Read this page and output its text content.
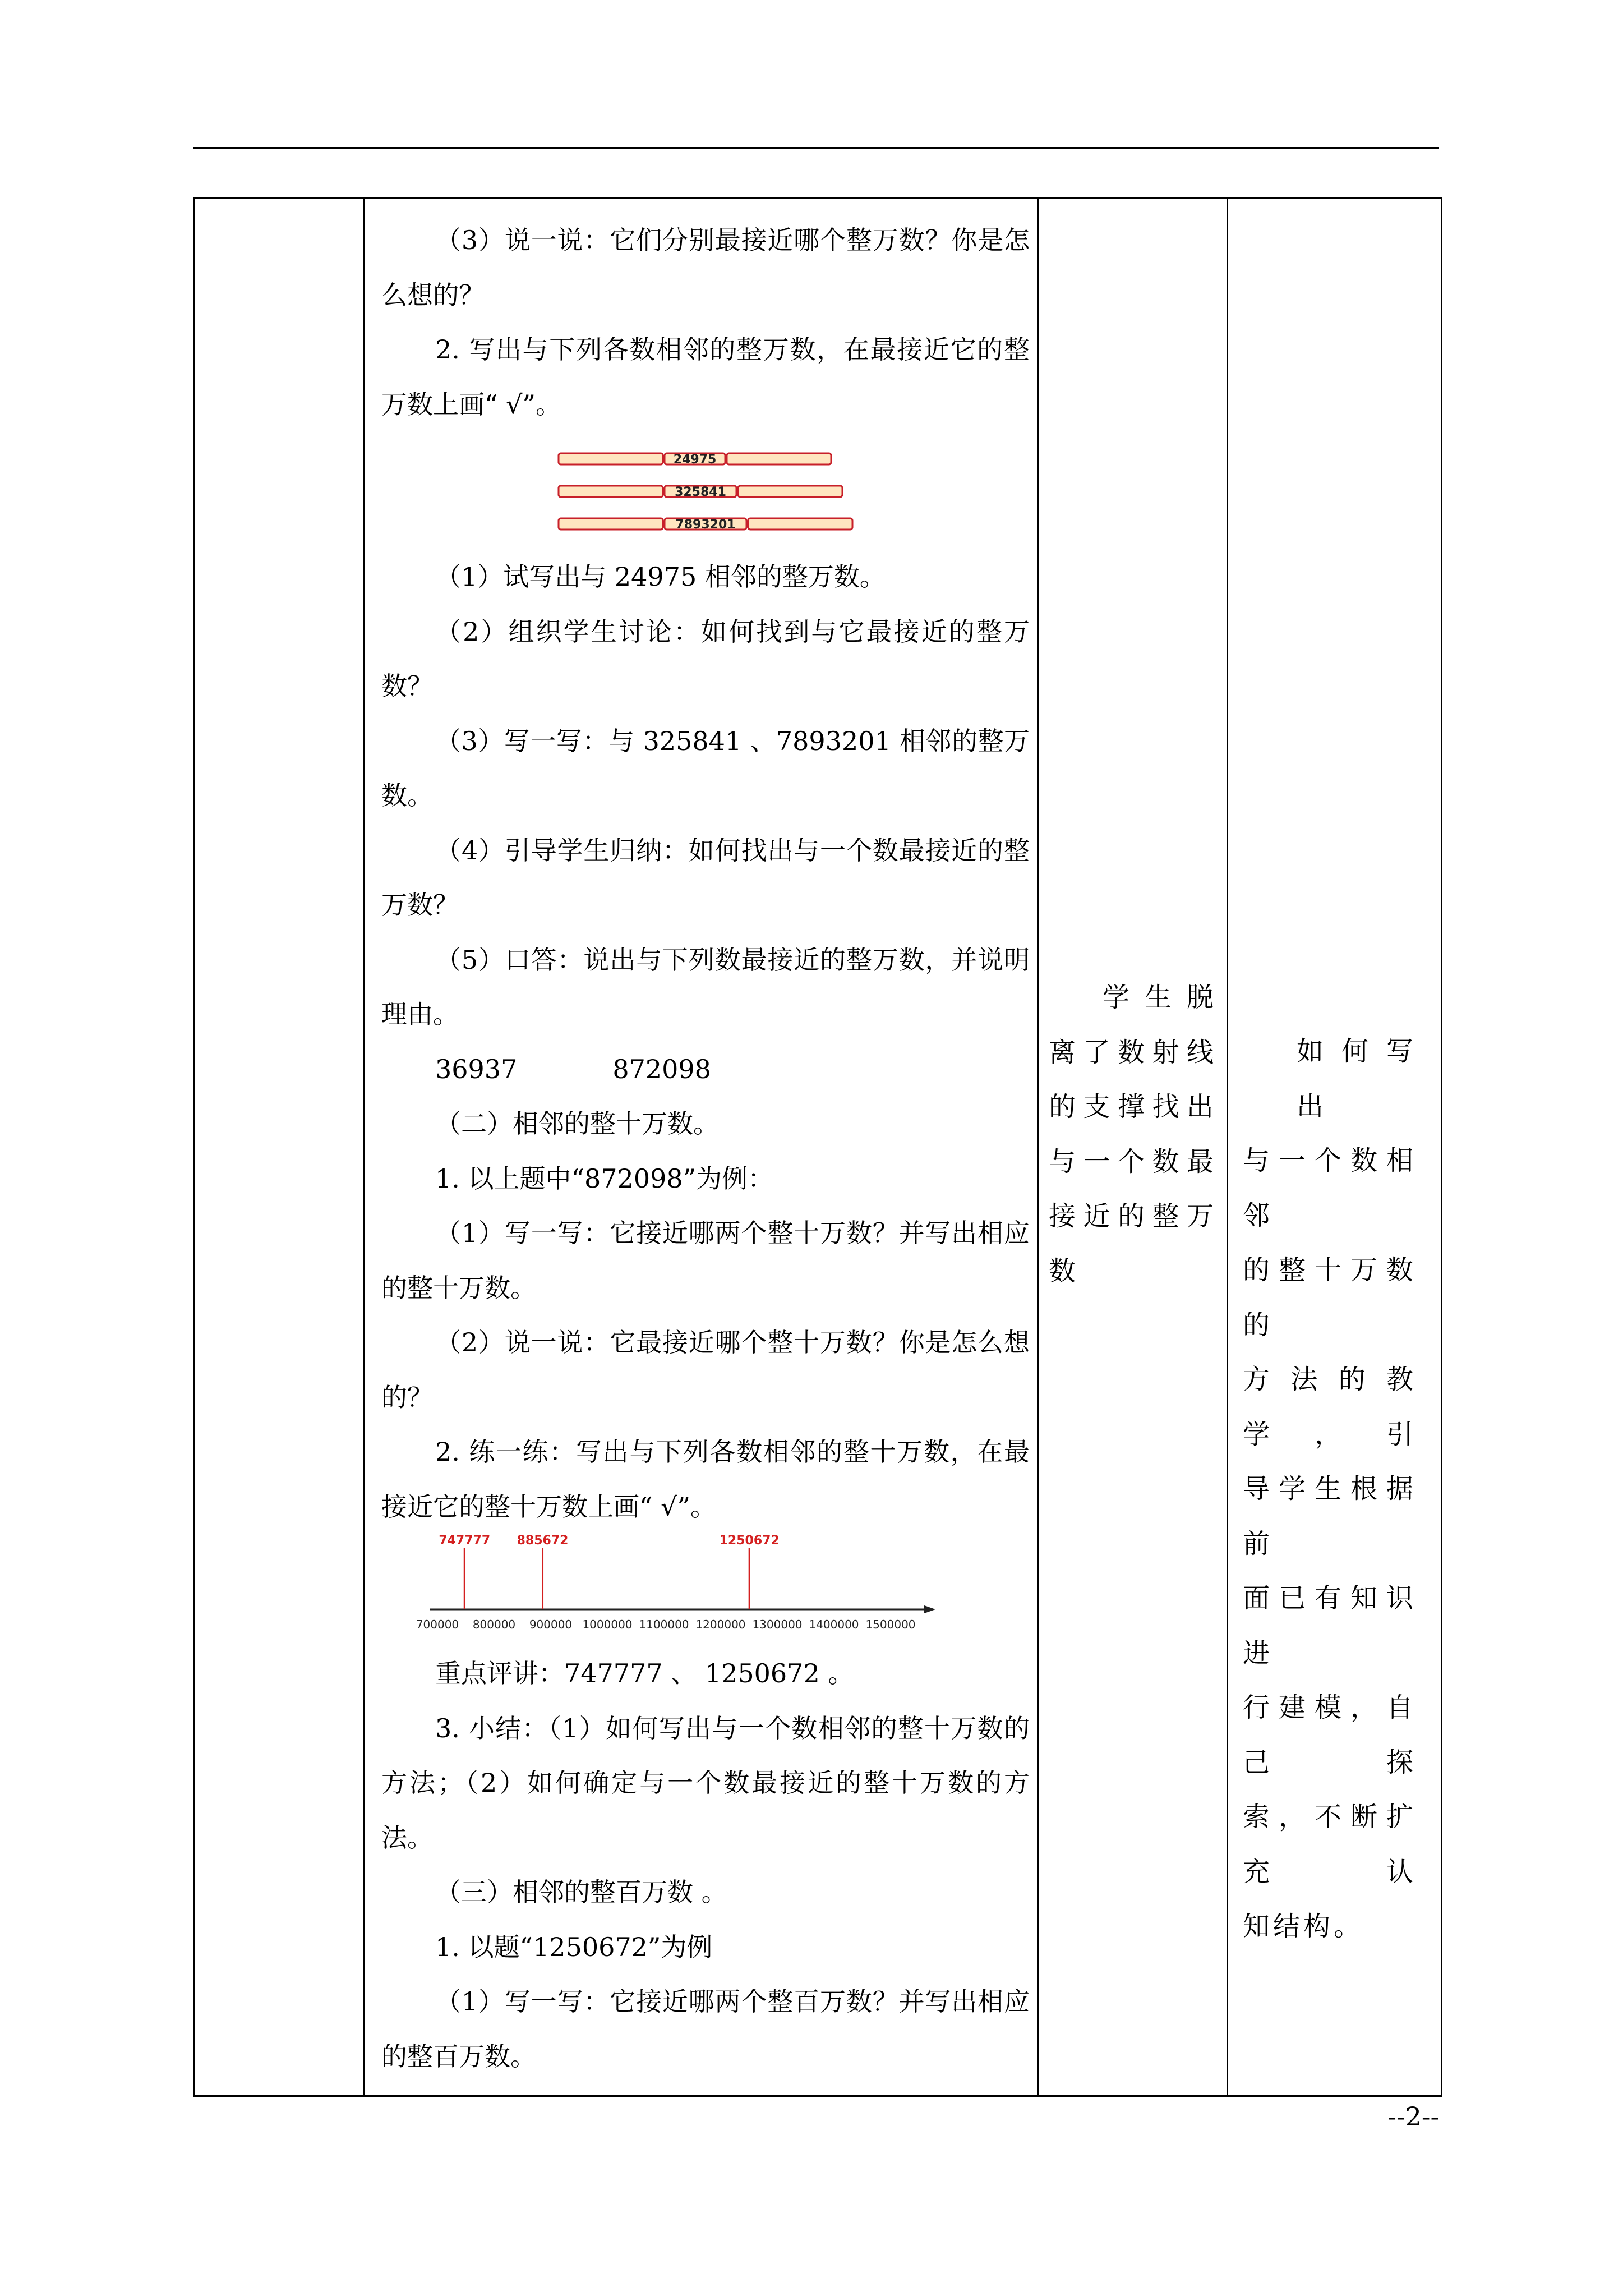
（3）说一说：它们分别最接近哪个整万数？你是怎么想的？

2. 写出与下列各数相邻的整万数，在最接近它的整万数上画“ √”。

24975
325841
7893201

（1）试写出与 24975 相邻的整万数。

（2）组织学生讨论：如何找到与它最接近的整万数？

（3）写一写：与 325841 、7893201 相邻的整万数。

（4）引导学生归纳：如何找出与一个数最接近的整万数？

（5）口答：说出与下列数最接近的整万数，并说明理由。

36937	872098

（二）相邻的整十万数。

1. 以上题中“872098”为例：

（1）写一写：它接近哪两个整十万数？并写出相应的整十万数。

（2）说一说：它最接近哪个整十万数？你是怎么想的？

2. 练一练：写出与下列各数相邻的整十万数，在最接近它的整十万数上画“ √”。

700000 800000 900000 1000000 1100000 1200000 1300000 1400000 1500000
747777 885672	1250672

重点评讲：747777 、 1250672 。

3. 小结：（1）如何写出与一个数相邻的整十万数的方法；（2）如何确定与一个数最接近的整十万数的方法。

（三）相邻的整百万数 。

1. 以题“1250672”为例

（1）写一写：它接近哪两个整百万数？并写出相应的整百万数。

学生脱

离了数射线

的支撑找出

与一个数最

接近的整万

数

如何写出

与一个数相邻

的整十万数的

方法的教学，引

导学生根据前

面已有知识进

行建模，自己探

索，不断扩充认

知结构。

--2--
